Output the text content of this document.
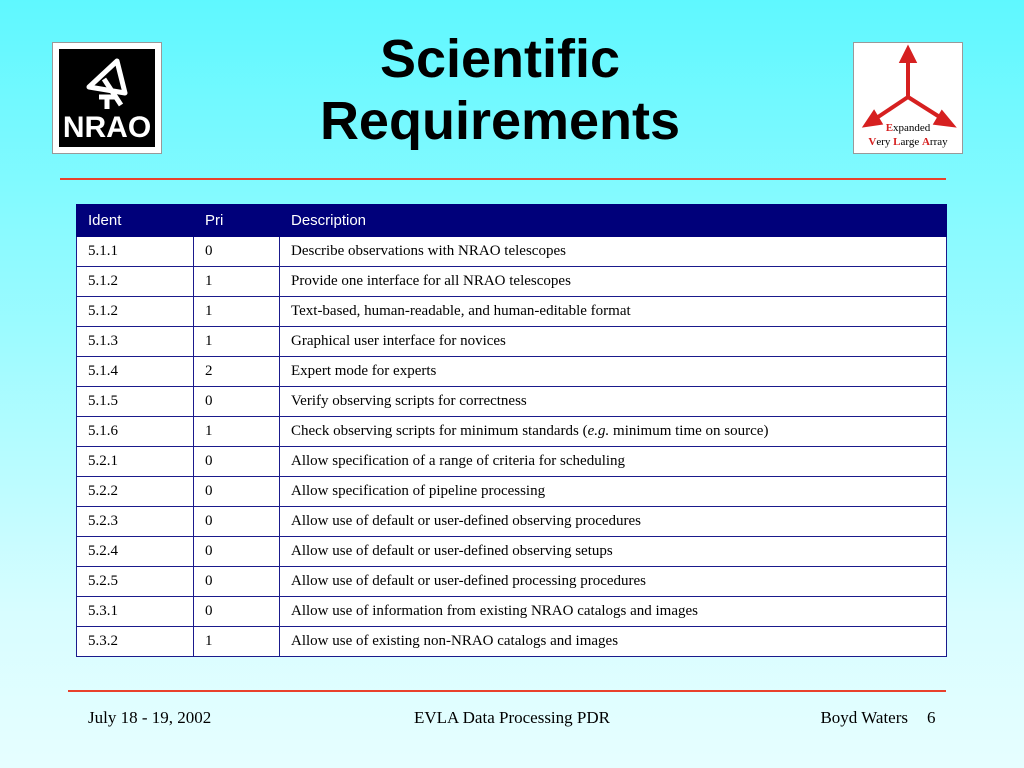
NRAO
Scientific
Requirements	Expanded
Very Large Array
Ident	Pri	Description
5.1.1	0	Describe observations with NRAO telescopes
5.1.2	1	Provide one interface for all NRAO telescopes
5.1.2	1	Text-based, human-readable, and human-editable format
5.1.3	1	Graphical user interface for novices
5.1.4	2	Expert mode for experts
5.1.5	0	Verify observing scripts for correctness
5.1.6	1	Check observing scripts for minimum standards (e.g. minimum time on source)
5.2.1	0	Allow specification of a range of criteria for scheduling
5.2.2	0	Allow specification of pipeline processing
5.2.3	0	Allow use of default or user-defined observing procedures
5.2.4	0	Allow use of default or user-defined observing setups
5.2.5	0	Allow use of default or user-defined processing procedures
5.3.1	0	Allow use of information from existing NRAO catalogs and images
5.3.2	1	Allow use of existing non-NRAO catalogs and images
July 18 - 19, 2002	EVLA Data Processing PDR	Boyd Waters 6
